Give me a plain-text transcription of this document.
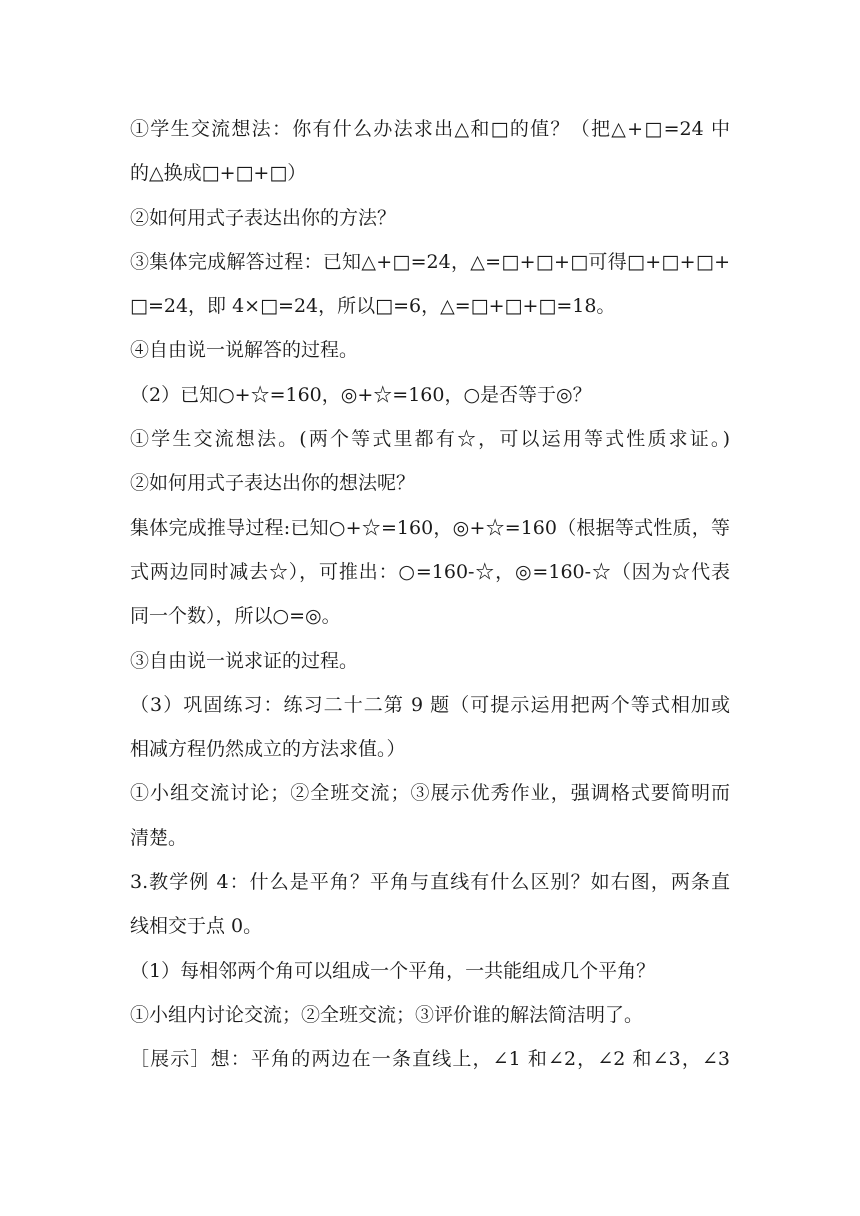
①学生交流想法：你有什么办法求出△和□的值？（把△+□=24 中
的△换成□+□+□）
②如何用式子表达出你的方法？
③集体完成解答过程：已知△+□=24，△=□+□+□可得□+□+□+
□=24，即 4×□=24，所以□=6，△=□+□+□=18。
④自由说一说解答的过程。
（2）已知○+☆=160，◎+☆=160，○是否等于◎？
①学生交流想法。(两个等式里都有☆，可以运用等式性质求证。)
②如何用式子表达出你的想法呢？
集体完成推导过程:已知○+☆=160，◎+☆=160（根据等式性质，等
式两边同时减去☆），可推出：○=160-☆，◎=160-☆（因为☆代表
同一个数），所以○=◎。
③自由说一说求证的过程。
（3）巩固练习：练习二十二第 9 题（可提示运用把两个等式相加或
相减方程仍然成立的方法求值。）
①小组交流讨论；②全班交流；③展示优秀作业，强调格式要简明而
清楚。
3.教学例 4：什么是平角？平角与直线有什么区别？如右图，两条直
线相交于点 0。
（1）每相邻两个角可以组成一个平角，一共能组成几个平角？
①小组内讨论交流；②全班交流；③评价谁的解法简洁明了。
［展示］想：平角的两边在一条直线上，∠1 和∠2，∠2 和∠3，∠3
